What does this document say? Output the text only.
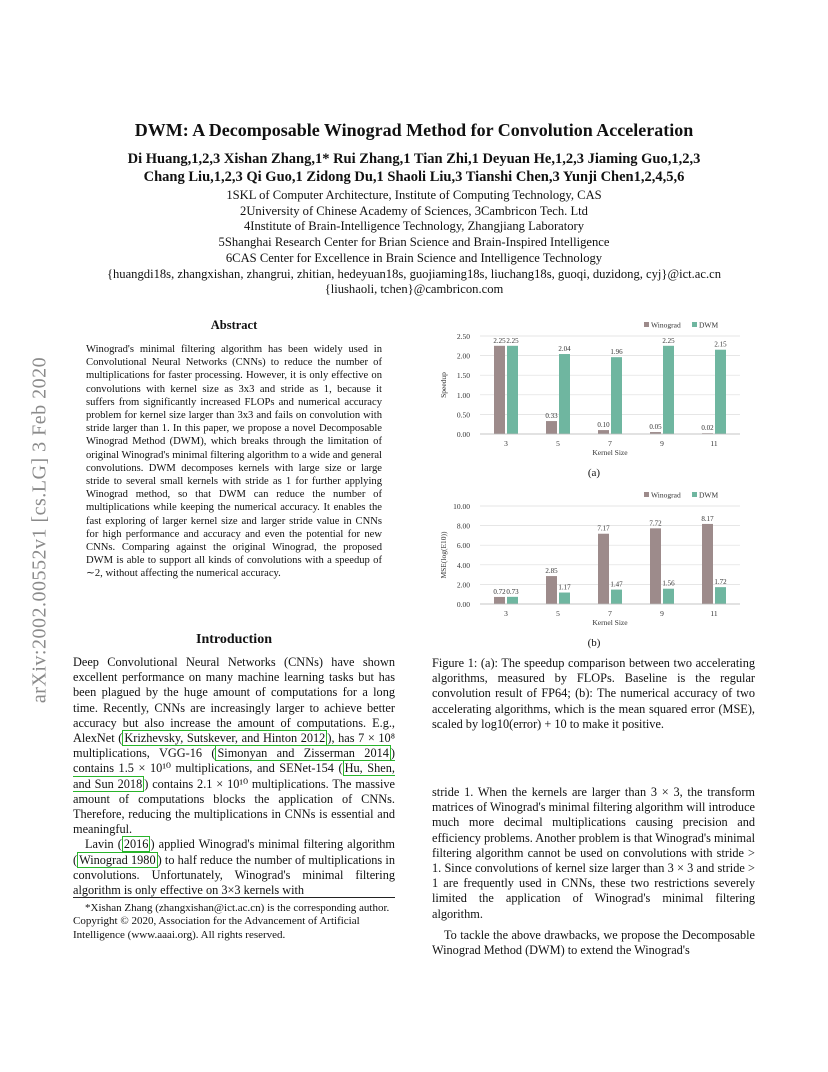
arXiv:2002.00552v1 [cs.LG] 3 Feb 2020
DWM: A Decomposable Winograd Method for Convolution Acceleration
Di Huang,1,2,3 Xishan Zhang,1* Rui Zhang,1 Tian Zhi,1 Deyuan He,1,2,3 Jiaming Guo,1,2,3
Chang Liu,1,2,3 Qi Guo,1 Zidong Du,1 Shaoli Liu,3 Tianshi Chen,3 Yunji Chen1,2,4,5,6
1SKL of Computer Architecture, Institute of Computing Technology, CAS
2University of Chinese Academy of Sciences, 3Cambricon Tech. Ltd
4Institute of Brain-Intelligence Technology, Zhangjiang Laboratory
5Shanghai Research Center for Brian Science and Brain-Inspired Intelligence
6CAS Center for Excellence in Brain Science and Intelligence Technology
{huangdi18s, zhangxishan, zhangrui, zhitian, hedeyuan18s, guojiaming18s, liuchang18s, guoqi, duzidong, cyj}@ict.ac.cn
{liushaoli, tchen}@cambricon.com
Abstract
Winograd's minimal filtering algorithm has been widely used in Convolutional Neural Networks (CNNs) to reduce the number of multiplications for faster processing. However, it is only effective on convolutions with kernel size as 3x3 and stride as 1, because it suffers from significantly increased FLOPs and numerical accuracy problem for kernel size larger than 3x3 and fails on convolution with stride larger than 1. In this paper, we propose a novel Decomposable Winograd Method (DWM), which breaks through the limitation of original Winograd's minimal filtering algorithm to a wide and general convolutions. DWM decomposes kernels with large size or large stride to several small kernels with stride as 1 for further applying Winograd method, so that DWM can reduce the number of multiplications while keeping the numerical accuracy. It enables the fast exploring of larger kernel size and larger stride value in CNNs for high performance and accuracy and even the potential for new CNNs. Comparing against the original Winograd, the proposed DWM is able to support all kinds of convolutions with a speedup of ∼2, without affecting the numerical accuracy.
Introduction

Deep Convolutional Neural Networks (CNNs) have shown excellent performance on many machine learning tasks but has been plagued by the huge amount of computations for a long time. Recently, CNNs are increasingly larger to achieve better accuracy but also increase the amount of computations. E.g., AlexNet ( Krizhevsky, Sutskever, and Hinton 2012 ), has 7 × 10⁸ multiplications, VGG-16 ( Simonyan and Zisserman 2014 ) contains 1.5 × 10¹⁰ multiplications, and SENet-154 ( Hu, Shen, and Sun 2018 ) contains 2.1 × 10¹⁰ multiplications. The massive amount of computations blocks the application of CNNs. Therefore, reducing the multiplications in CNNs is essential and meaningful.

Lavin ( 2016 ) applied Winograd's minimal filtering algorithm ( Winograd 1980 ) to half reduce the number of multiplications in convolutions. Unfortunately, Winograd's minimal filtering algorithm is only effective on 3×3 kernels with

*Xishan Zhang (zhangxishan@ict.ac.cn) is the corresponding author.

Copyright © 2020, Association for the Advancement of Artificial Intelligence (www.aaai.org). All rights reserved.

0.00
0.50
1.00
1.50
2.00
2.50
Speedup
Winograd DWM
2.25 2.25
3
0.33
2.04
5
0.10
1.96
7
0.05
2.25
9
0.02
2.15
11
Kernel Size
(a)
0.00
2.00
4.00
6.00
8.00
10.00
MSE(log(E10))
Winograd DWM
0.72 0.73
3
2.85
1.17
5
7.17
1.47
7
7.72
1.56
9
8.17
1.72
11
Kernel Size
(b)
Figure 1: (a): The speedup comparison between two accelerating algorithms, measured by FLOPs. Baseline is the regular convolution result of FP64; (b): The numerical accuracy of two accelerating algorithms, which is the mean squared error (MSE), scaled by log10(error) + 10 to make it positive.

stride 1. When the kernels are larger than 3 × 3, the transform matrices of Winograd's minimal filtering algorithm will introduce much more decimal multiplications causing precision and efficiency problems. Another problem is that Winograd's minimal filtering algorithm cannot be used on convolutions with stride > 1. Since convolutions of kernel size larger than 3 × 3 and stride > 1 are frequently used in CNNs, these two restrictions severely limited the application of Winograd's minimal filtering algorithm.

To tackle the above drawbacks, we propose the Decomposable Winograd Method (DWM) to extend the Winograd's
